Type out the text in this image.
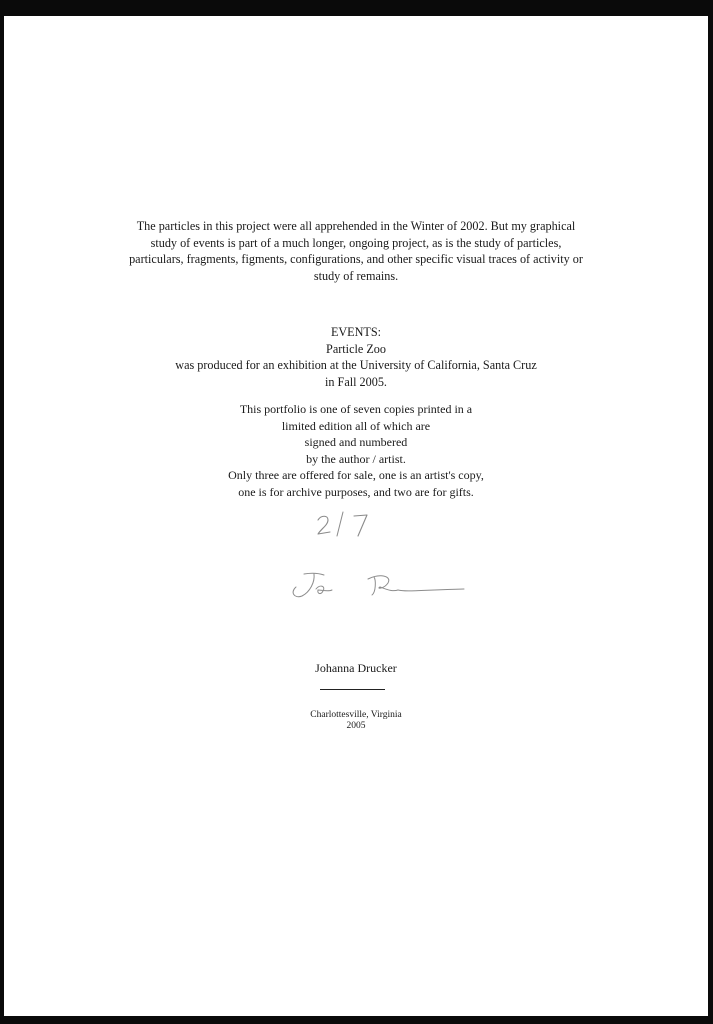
The particles in this project were all apprehended in the Winter of 2002. But my graphical
study of events is part of a much longer, ongoing project, as is the study of particles,
particulars, fragments, figments, configurations, and other specific visual traces of activity or
study of remains.
EVENTS:
Particle Zoo
was produced for an exhibition at the University of California, Santa Cruz
in Fall 2005.
This portfolio is one of seven copies printed in a
limited edition all of which are
signed and numbered
by the author / artist.
Only three are offered for sale, one is an artist's copy,
one is for archive purposes, and two are for gifts.
Johanna Drucker
Charlottesville, Virginia
2005
